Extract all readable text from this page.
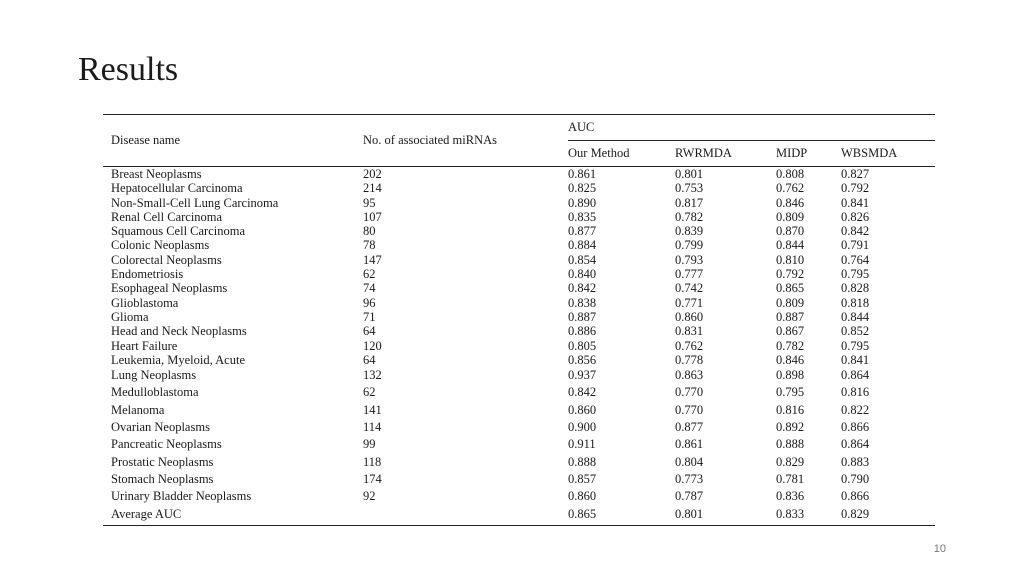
Results
Disease name	No. of associated miRNAs	AUC			
		Our Method	RWRMDA	MIDP	WBSMDA
Breast Neoplasms	202	0.861	0.801	0.808	0.827
Hepatocellular Carcinoma	214	0.825	0.753	0.762	0.792
Non-Small-Cell Lung Carcinoma	95	0.890	0.817	0.846	0.841
Renal Cell Carcinoma	107	0.835	0.782	0.809	0.826
Squamous Cell Carcinoma	80	0.877	0.839	0.870	0.842
Colonic Neoplasms	78	0.884	0.799	0.844	0.791
Colorectal Neoplasms	147	0.854	0.793	0.810	0.764
Endometriosis	62	0.840	0.777	0.792	0.795
Esophageal Neoplasms	74	0.842	0.742	0.865	0.828
Glioblastoma	96	0.838	0.771	0.809	0.818
Glioma	71	0.887	0.860	0.887	0.844
Head and Neck Neoplasms	64	0.886	0.831	0.867	0.852
Heart Failure	120	0.805	0.762	0.782	0.795
Leukemia, Myeloid, Acute	64	0.856	0.778	0.846	0.841
Lung Neoplasms	132	0.937	0.863	0.898	0.864
Medulloblastoma	62	0.842	0.770	0.795	0.816
Melanoma	141	0.860	0.770	0.816	0.822
Ovarian Neoplasms	114	0.900	0.877	0.892	0.866
Pancreatic Neoplasms	99	0.911	0.861	0.888	0.864
Prostatic Neoplasms	118	0.888	0.804	0.829	0.883
Stomach Neoplasms	174	0.857	0.773	0.781	0.790
Urinary Bladder Neoplasms	92	0.860	0.787	0.836	0.866
Average AUC		0.865	0.801	0.833	0.829
10
